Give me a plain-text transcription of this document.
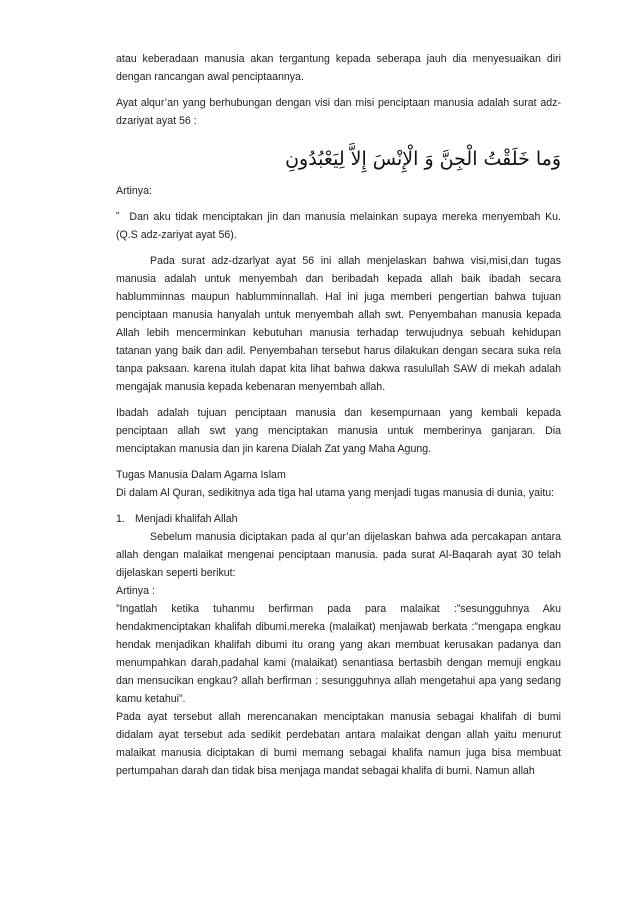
atau keberadaan manusia akan tergantung kepada seberapa jauh dia menyesuaikan diri dengan rancangan awal penciptaannya.

Ayat alqur’an yang berhubungan dengan visi dan misi penciptaan manusia adalah surat adz-dzariyat ayat 56 :

وَما خَلَقْتُ الْجِنَّ وَ الْإِنْسَ إِلاَّ لِيَعْبُدُونِ

Artinya:

” Dan aku tidak menciptakan jin dan manusia melainkan supaya mereka menyembah Ku.(Q.S adz-zariyat ayat 56).

Pada surat adz-dzarlyat ayat 56 ini allah menjelaskan bahwa visi,misi,dan tugas manusia adalah untuk menyembah dan beribadah kepada allah baik ibadah secara hablumminnas maupun hablumminnallah. Hal ini juga memberi pengertian bahwa tujuan penciptaan manusia hanyalah untuk menyembah allah swt. Penyembahan manusia kepada Allah lebih mencerminkan kebutuhan manusia terhadap terwujudnya sebuah kehidupan tatanan yang baik dan adil. Penyembahan tersebut harus dilakukan dengan secara suka rela tanpa paksaan. karena itulah dapat kita lihat bahwa dakwa rasulullah SAW di mekah adalah mengajak manusia kepada kebenaran menyembah allah.

Ibadah adalah tujuan penciptaan manusia dan kesempurnaan yang kembali kepada penciptaan allah swt yang menciptakan manusia untuk memberinya ganjaran. Dia menciptakan manusia dan jin karena Dialah Zat yang Maha Agung.

Tugas Manusia Dalam Agama Islam

Di dalam Al Quran, sedikitnya ada tiga hal utama yang menjadi tugas manusia di dunia, yaitu:

1. Menjadi khalifah Allah

Sebelum manusia diciptakan pada al qur’an dijelaskan bahwa ada percakapan antara allah dengan malaikat mengenai penciptaan manusia. pada surat Al-Baqarah ayat 30 telah dijelaskan seperti berikut:

Artinya :

”Ingatlah ketika tuhanmu berfirman pada para malaikat :”sesungguhnya Aku hendakmenciptakan khalifah dibumi.mereka (malaikat) menjawab berkata :”mengapa engkau hendak menjadikan khalifah dibumi itu orang yang akan membuat kerusakan padanya dan menumpahkan darah,padahal kami (malaikat) senantiasa bertasbih dengan memuji engkau dan mensucikan engkau? allah berfirman : sesungguhnya allah mengetahui apa yang sedang kamu ketahui”.

Pada ayat tersebut allah merencanakan menciptakan manusia sebagai khalifah di bumi didalam ayat tersebut ada sedikit perdebatan antara malaikat dengan allah yaitu menurut malaikat manusia diciptakan di bumi memang sebagai khalifa namun juga bisa membuat pertumpahan darah dan tidak bisa menjaga mandat sebagai khalifa di bumi. Namun allah
